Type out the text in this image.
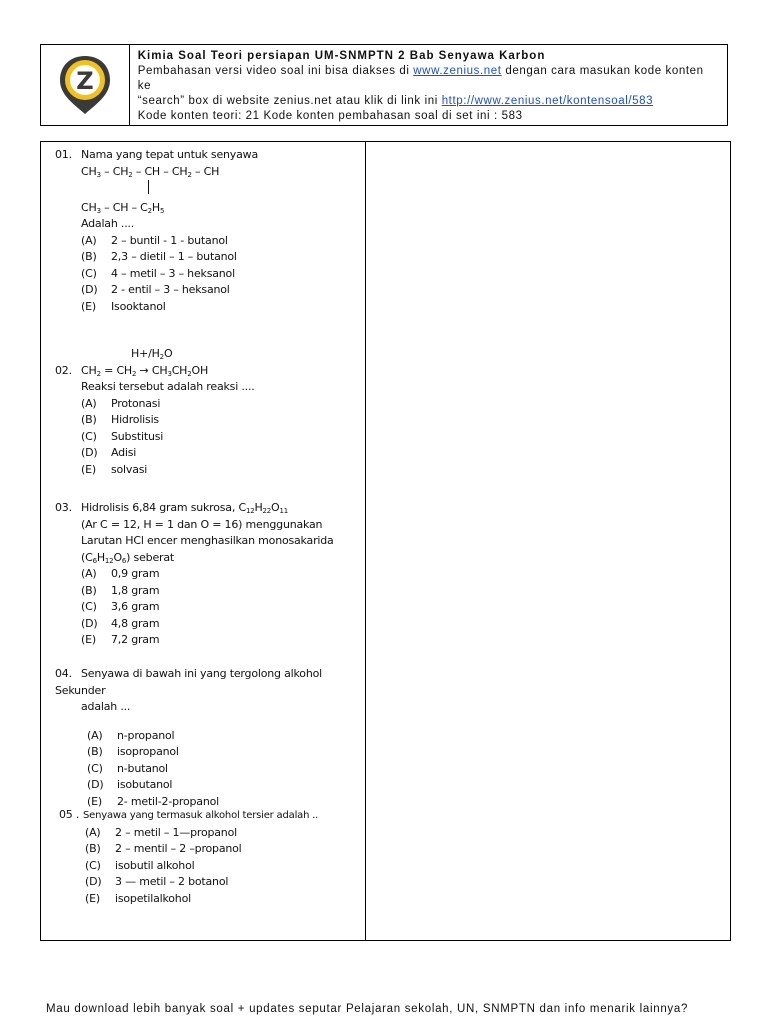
Z
Kimia Soal Teori persiapan UM-SNMPTN 2 Bab Senyawa Karbon
Pembahasan versi video soal ini bisa diakses di www.zenius.net dengan cara masukan kode konten ke
“search” box di website zenius.net atau klik di link ini http://www.zenius.net/kontensoal/583
Kode konten teori: 21 Kode konten pembahasan soal di set ini : 583
01. Nama yang tepat untuk senyawa
$CH_3 - CH_2$ – CH – $CH_2$ – CH
$CH_3$ – CH – $C_2H_5$
Adalah ....
(A) 2 – buntil - 1 - butanol
(B) 2,3 – dietil – 1 – butanol
(C) 4 – metil – 3 – heksanol
(D) 2 - entil – 3 – heksanol
(E) Isooktanol
$H+/H_2O$
02. $CH_2 = CH_2 \to CH_3CH_2OH$
Reaksi tersebut adalah reaksi ....
(A) Protonasi
(B) Hidrolisis
(C) Substitusi
(D) Adisi
(E) solvasi
03. Hidrolisis 6,84 gram sukrosa, $C_{12}H_{22}O_{11}$
(Ar C = 12, H = 1 dan O = 16) menggunakan
Larutan HCl encer menghasilkan monosakarida
$(C_6H_{12}O_6)$ seberat
(A) 0,9 gram
(B) 1,8 gram
(C) 3,6 gram
(D) 4,8 gram
(E) 7,2 gram
04. Senyawa di bawah ini yang tergolong alkohol Sekunder
adalah ...
(A) n-propanol
(B) isopropanol
(C) n-butanol
(D) isobutanol
(E) 2- metil-2-propanol
05 . Senyawa yang termasuk alkohol tersier adalah ..
(A) 2 – metil – 1—propanol
(B) 2 – mentil – 2 –propanol
(C) isobutil alkohol
(D) 3 — metil – 2 botanol
(E) isopetilalkohol
Mau download lebih banyak soal + updates seputar Pelajaran sekolah, UN, SNMPTN dan info menarik lainnya?
